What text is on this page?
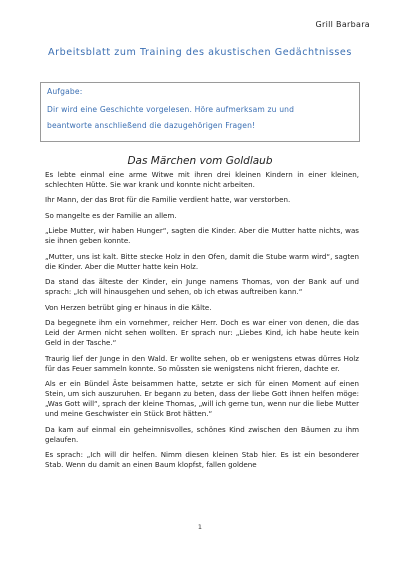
Grill Barbara
Arbeitsblatt zum Training des akustischen Gedächtnisses
Aufgabe:
Dir wird eine Geschichte vorgelesen. Höre aufmerksam zu und
beantworte anschließend die dazugehörigen Fragen!
Das Märchen vom Goldlaub

Es lebte einmal eine arme Witwe mit ihren drei kleinen Kindern in einer kleinen, schlechten Hütte. Sie war krank und konnte nicht arbeiten.

Ihr Mann, der das Brot für die Familie verdient hatte, war verstorben.

So mangelte es der Familie an allem.

„Liebe Mutter, wir haben Hunger“, sagten die Kinder. Aber die Mutter hatte nichts, was sie ihnen geben konnte.

„Mutter, uns ist kalt. Bitte stecke Holz in den Ofen, damit die Stube warm wird“, sagten die Kinder. Aber die Mutter hatte kein Holz.

Da stand das älteste der Kinder, ein Junge namens Thomas, von der Bank auf und sprach: „Ich will hinausgehen und sehen, ob ich etwas auftreiben kann.“

Von Herzen betrübt ging er hinaus in die Kälte.

Da begegnete ihm ein vornehmer, reicher Herr. Doch es war einer von denen, die das Leid der Armen nicht sehen wollten. Er sprach nur: „Liebes Kind, ich habe heute kein Geld in der Tasche.“

Traurig lief der Junge in den Wald. Er wollte sehen, ob er wenigstens etwas dürres Holz für das Feuer sammeln konnte. So müssten sie wenigstens nicht frieren, dachte er.

Als er ein Bündel Äste beisammen hatte, setzte er sich für einen Moment auf einen Stein, um sich auszuruhen. Er begann zu beten, dass der liebe Gott ihnen helfen möge: „Was Gott will“, sprach der kleine Thomas, „will ich gerne tun, wenn nur die liebe Mutter und meine Geschwister ein Stück Brot hätten.“

Da kam auf einmal ein geheimnisvolles, schönes Kind zwischen den Bäumen zu ihm gelaufen.

Es sprach: „Ich will dir helfen. Nimm diesen kleinen Stab hier. Es ist ein besonderer Stab. Wenn du damit an einen Baum klopfst, fallen goldene

1
